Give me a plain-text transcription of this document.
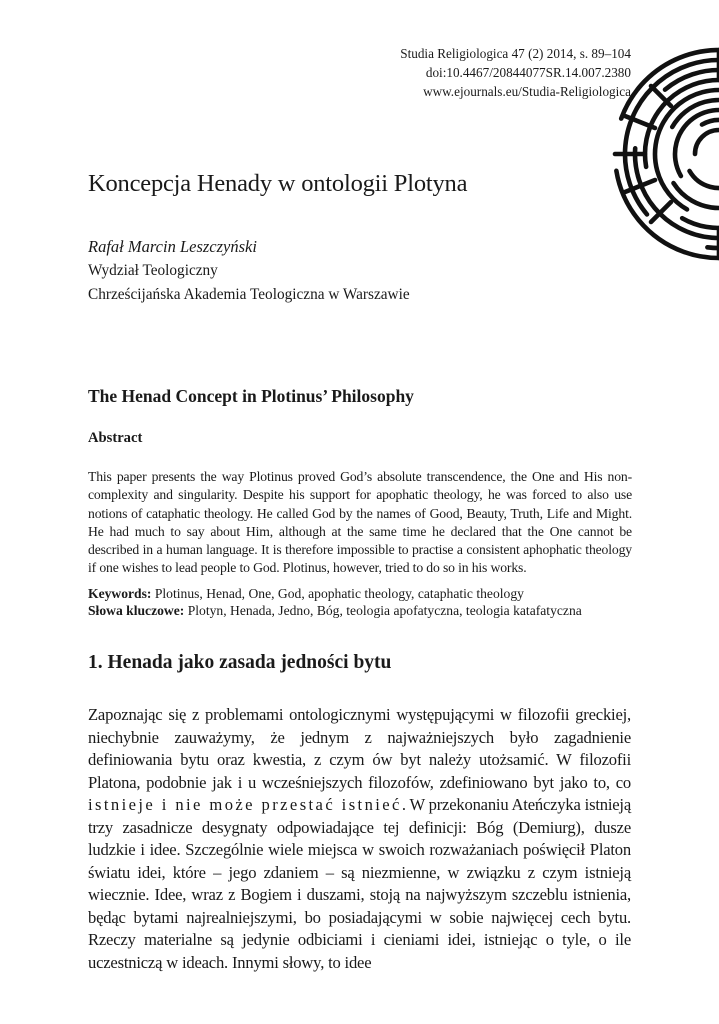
Studia Religiologica 47 (2) 2014, s. 89–104
doi:10.4467/20844077SR.14.007.2380
www.ejournals.eu/Studia-Religiologica
Koncepcja Henady w ontologii Plotyna
Rafał Marcin Leszczyński
Wydział Teologiczny
Chrześcijańska Akademia Teologiczna w Warszawie
The Henad Concept in Plotinus’ Philosophy
Abstract

This paper presents the way Plotinus proved God’s absolute transcendence, the One and His non-complexity and singularity. Despite his support for apophatic theology, he was forced to also use notions of cataphatic theology. He called God by the names of Good, Beauty, Truth, Life and Might. He had much to say about Him, although at the same time he declared that the One cannot be described in a human language. It is therefore impossible to practise a consistent aphophatic theology if one wishes to lead people to God. Plotinus, however, tried to do so in his works.

Keywords: Plotinus, Henad, One, God, apophatic theology, cataphatic theology
Słowa kluczowe: Plotyn, Henada, Jedno, Bóg, teologia apofatyczna, teologia katafatyczna
1. Henada jako zasada jedności bytu

Zapoznając się z problemami ontologicznymi występującymi w filozofii greckiej, niechybnie zauważymy, że jednym z najważniejszych było zagadnienie definiowania bytu oraz kwestia, z czym ów byt należy utożsamić. W filozofii Platona, podobnie jak i u wcześniejszych filozofów, zdefiniowano byt jako to, co istnieje i nie może przestać istnieć. W przekonaniu Ateńczyka istnieją trzy zasadnicze desygnaty odpowiadające tej definicji: Bóg (Demiurg), dusze ludzkie i idee. Szczególnie wiele miejsca w swoich rozważaniach poświęcił Platon światu idei, które – jego zdaniem – są niezmienne, w związku z czym istnieją wiecznie. Idee, wraz z Bogiem i duszami, stoją na najwyższym szczeblu istnienia, będąc bytami najrealniejszymi, bo posiadającymi w sobie najwięcej cech bytu. Rzeczy materialne są jedynie odbiciami i cieniami idei, istniejąc o tyle, o ile uczestniczą w ideach. Innymi słowy, to idee
